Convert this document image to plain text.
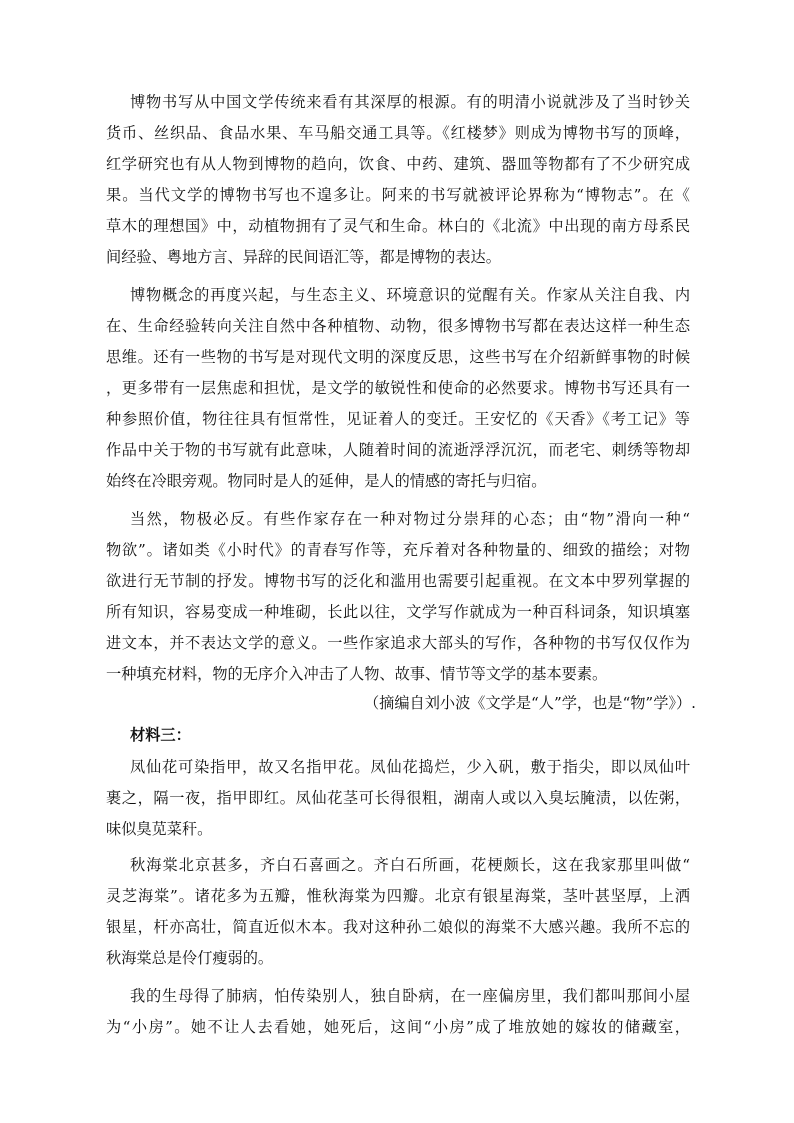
博物书写从中国文学传统来看有其深厚的根源。有的明清小说就涉及了当时钞关
货币、丝织品、食品水果、车马船交通工具等。《红楼梦》则成为博物书写的顶峰，
红学研究也有从人物到博物的趋向，饮食、中药、建筑、器皿等物都有了不少研究成
果。当代文学的博物书写也不遑多让。阿来的书写就被评论界称为“博物志”。在《
草木的理想国》中，动植物拥有了灵气和生命。林白的《北流》中出现的南方母系民
间经验、粤地方言、异辞的民间语汇等，都是博物的表达。
博物概念的再度兴起，与生态主义、环境意识的觉醒有关。作家从关注自我、内
在、生命经验转向关注自然中各种植物、动物，很多博物书写都在表达这样一种生态
思维。还有一些物的书写是对现代文明的深度反思，这些书写在介绍新鲜事物的时候
，更多带有一层焦虑和担忧，是文学的敏锐性和使命的必然要求。博物书写还具有一
种参照价值，物往往具有恒常性，见证着人的变迁。王安忆的《天香》《考工记》等
作品中关于物的书写就有此意味，人随着时间的流逝浮浮沉沉，而老宅、刺绣等物却
始终在冷眼旁观。物同时是人的延伸，是人的情感的寄托与归宿。
当然，物极必反。有些作家存在一种对物过分崇拜的心态；由“物”滑向一种“
物欲”。诸如类《小时代》的青春写作等，充斥着对各种物量的、细致的描绘；对物
欲进行无节制的抒发。博物书写的泛化和滥用也需要引起重视。在文本中罗列掌握的
所有知识，容易变成一种堆砌，长此以往，文学写作就成为一种百科词条，知识填塞
进文本，并不表达文学的意义。一些作家追求大部头的写作，各种物的书写仅仅作为
一种填充材料，物的无序介入冲击了人物、故事、情节等文学的基本要素。
（摘编自刘小波《文学是“人”学，也是“物”学》）.
材料三：
凤仙花可染指甲，故又名指甲花。凤仙花捣烂，少入矾，敷于指尖，即以凤仙叶
裹之，隔一夜，指甲即红。凤仙花茎可长得很粗，湖南人或以入臭坛腌渍，以佐粥，
味似臭苋菜秆。
秋海棠北京甚多，齐白石喜画之。齐白石所画，花梗颇长，这在我家那里叫做“
灵芝海棠”。诸花多为五瓣，惟秋海棠为四瓣。北京有银星海棠，茎叶甚坚厚，上洒
银星，杆亦高壮，简直近似木本。我对这种孙二娘似的海棠不大感兴趣。我所不忘的
秋海棠总是伶仃瘦弱的。
我的生母得了肺病，怕传染别人，独自卧病，在一座偏房里，我们都叫那间小屋
为“小房”。她不让人去看她，她死后，这间“小房”成了堆放她的嫁妆的储藏室，
